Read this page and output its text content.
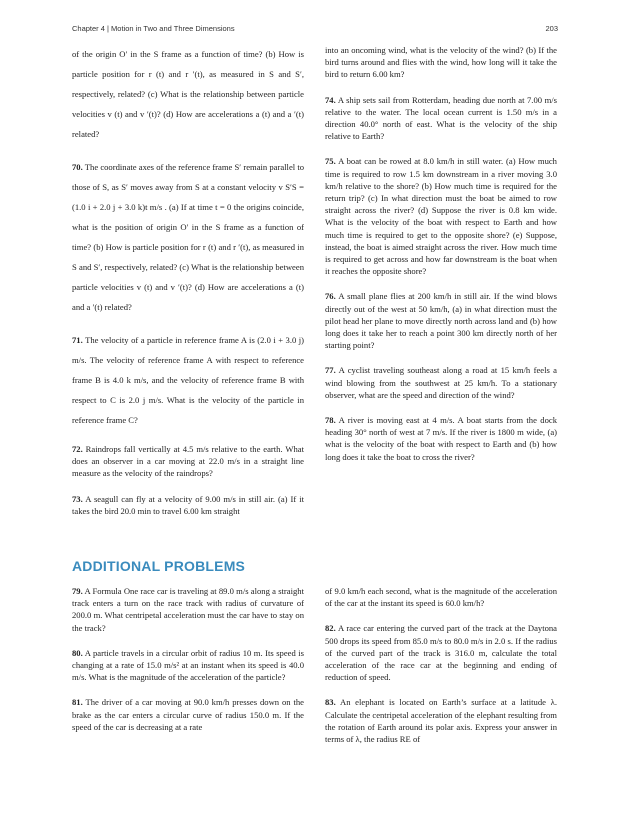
Chapter 4 | Motion in Two and Three Dimensions	203

of the origin O′ in the S frame as a function of time? (b) How is particle position for r (t) and r ′(t), as measured in S and S′, respectively, related? (c) What is the relationship between particle velocities v (t) and v ′(t)? (d) How are accelerations a (t) and a ′(t) related?

70. The coordinate axes of the reference frame S′ remain parallel to those of S, as S′ moves away from S at a constant velocity v S′S = (1.0 i + 2.0 j + 3.0 k)t m/s . (a) If at time t = 0 the origins coincide, what is the position of origin O′ in the S frame as a function of time? (b) How is particle position for r (t) and r ′(t), as measured in S and S′, respectively, related? (c) What is the relationship between particle velocities v (t) and v ′(t)? (d) How are accelerations a (t) and a ′(t) related?

71. The velocity of a particle in reference frame A is (2.0 i + 3.0 j) m/s. The velocity of reference frame A with respect to reference frame B is 4.0 k m/s, and the velocity of reference frame B with respect to C is 2.0 j m/s. What is the velocity of the particle in reference frame C?

72. Raindrops fall vertically at 4.5 m/s relative to the earth. What does an observer in a car moving at 22.0 m/s in a straight line measure as the velocity of the raindrops?

73. A seagull can fly at a velocity of 9.00 m/s in still air. (a) If it takes the bird 20.0 min to travel 6.00 km straight

into an oncoming wind, what is the velocity of the wind? (b) If the bird turns around and flies with the wind, how long will it take the bird to return 6.00 km?

74. A ship sets sail from Rotterdam, heading due north at 7.00 m/s relative to the water. The local ocean current is 1.50 m/s in a direction 40.0° north of east. What is the velocity of the ship relative to Earth?

75. A boat can be rowed at 8.0 km/h in still water. (a) How much time is required to row 1.5 km downstream in a river moving 3.0 km/h relative to the shore? (b) How much time is required for the return trip? (c) In what direction must the boat be aimed to row straight across the river? (d) Suppose the river is 0.8 km wide. What is the velocity of the boat with respect to Earth and how much time is required to get to the opposite shore? (e) Suppose, instead, the boat is aimed straight across the river. How much time is required to get across and how far downstream is the boat when it reaches the opposite shore?

76. A small plane flies at 200 km/h in still air. If the wind blows directly out of the west at 50 km/h, (a) in what direction must the pilot head her plane to move directly north across land and (b) how long does it take her to reach a point 300 km directly north of her starting point?

77. A cyclist traveling southeast along a road at 15 km/h feels a wind blowing from the southwest at 25 km/h. To a stationary observer, what are the speed and direction of the wind?

78. A river is moving east at 4 m/s. A boat starts from the dock heading 30° north of west at 7 m/s. If the river is 1800 m wide, (a) what is the velocity of the boat with respect to Earth and (b) how long does it take the boat to cross the river?

ADDITIONAL PROBLEMS

79. A Formula One race car is traveling at 89.0 m/s along a straight track enters a turn on the race track with radius of curvature of 200.0 m. What centripetal acceleration must the car have to stay on the track?

80. A particle travels in a circular orbit of radius 10 m. Its speed is changing at a rate of 15.0 m/s² at an instant when its speed is 40.0 m/s. What is the magnitude of the acceleration of the particle?

81. The driver of a car moving at 90.0 km/h presses down on the brake as the car enters a circular curve of radius 150.0 m. If the speed of the car is decreasing at a rate

of 9.0 km/h each second, what is the magnitude of the acceleration of the car at the instant its speed is 60.0 km/h?

82. A race car entering the curved part of the track at the Daytona 500 drops its speed from 85.0 m/s to 80.0 m/s in 2.0 s. If the radius of the curved part of the track is 316.0 m, calculate the total acceleration of the race car at the beginning and ending of reduction of speed.

83. An elephant is located on Earth’s surface at a latitude λ. Calculate the centripetal acceleration of the elephant resulting from the rotation of Earth around its polar axis. Express your answer in terms of λ, the radius RE of
